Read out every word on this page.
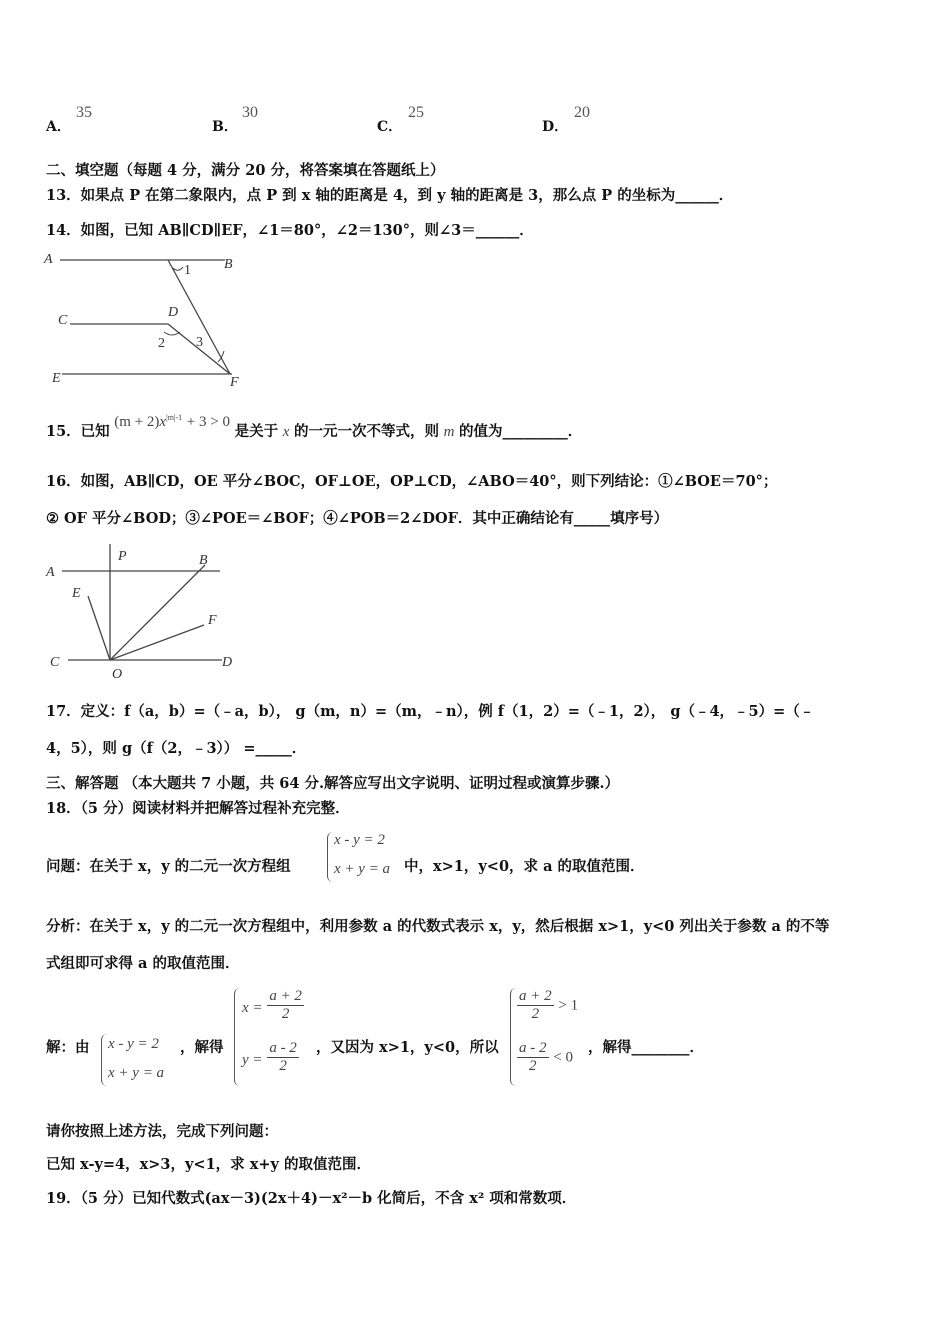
A．
35
B．
30
C．
25
D．
20
二、填空题（每题 4 分，满分 20 分，将答案填在答题纸上）
13．如果点 P 在第二象限内，点 P 到 x 轴的距离是 4，到 y 轴的距离是 3，那么点 P 的坐标为______．
14．如图，已知 AB∥CD∥EF，∠1＝80°，∠2＝130°，则∠3＝______．
A	B
C
D
E	F
1
2 3
15．已知 $(m + 2)x^{|m|-1} + 3 > 0$ 是关于 x 的一元一次不等式，则 m 的值为_________．
16．如图，AB∥CD，OE 平分∠BOC，OF⊥OE，OP⊥CD，∠ABO＝40°，则下列结论：①∠BOE＝70°；
② OF 平分∠BOD；③∠POE＝∠BOF；④∠POB＝2∠DOF．其中正确结论有_____填序号）
A
P	B
E
F
C
O
D
17．定义：f（a，b）=（﹣a，b）， g（m，n）=（m，﹣n），例 f（1，2）=（﹣1，2）， g（﹣4，﹣5）=（﹣
4，5），则 g（f（2，﹣3）） =_____．
三、解答题 （本大题共 7 小题，共 64 分.解答应写出文字说明、证明过程或演算步骤.）
18．（5 分）阅读材料并把解答过程补充完整．
问题：在关于 x，y 的二元一次方程组
x - y = 2
x + y = a 中，x>1，y<0，求 a 的取值范围．
分析：在关于 x，y 的二元一次方程组中，利用参数 a 的代数式表示 x，y，然后根据 x>1，y<0 列出关于参数 a 的不等
式组即可求得 a 的取值范围．
解：由 x - y = 2
x + y = a
，解得
$x = \frac{a + 2}{2}$
$y = \frac{a - 2}{2}$ ，又因为 x>1，y<0，所以
$\frac{a + 2}{2} > 1$
$\frac{a - 2}{2} < 0$
，解得________．
请你按照上述方法，完成下列问题：
已知 x-y=4，x>3，y<1，求 x+y 的取值范围．
19．（5 分）已知代数式(ax－3)(2x＋4)－x²－b 化简后，不含 x² 项和常数项．
